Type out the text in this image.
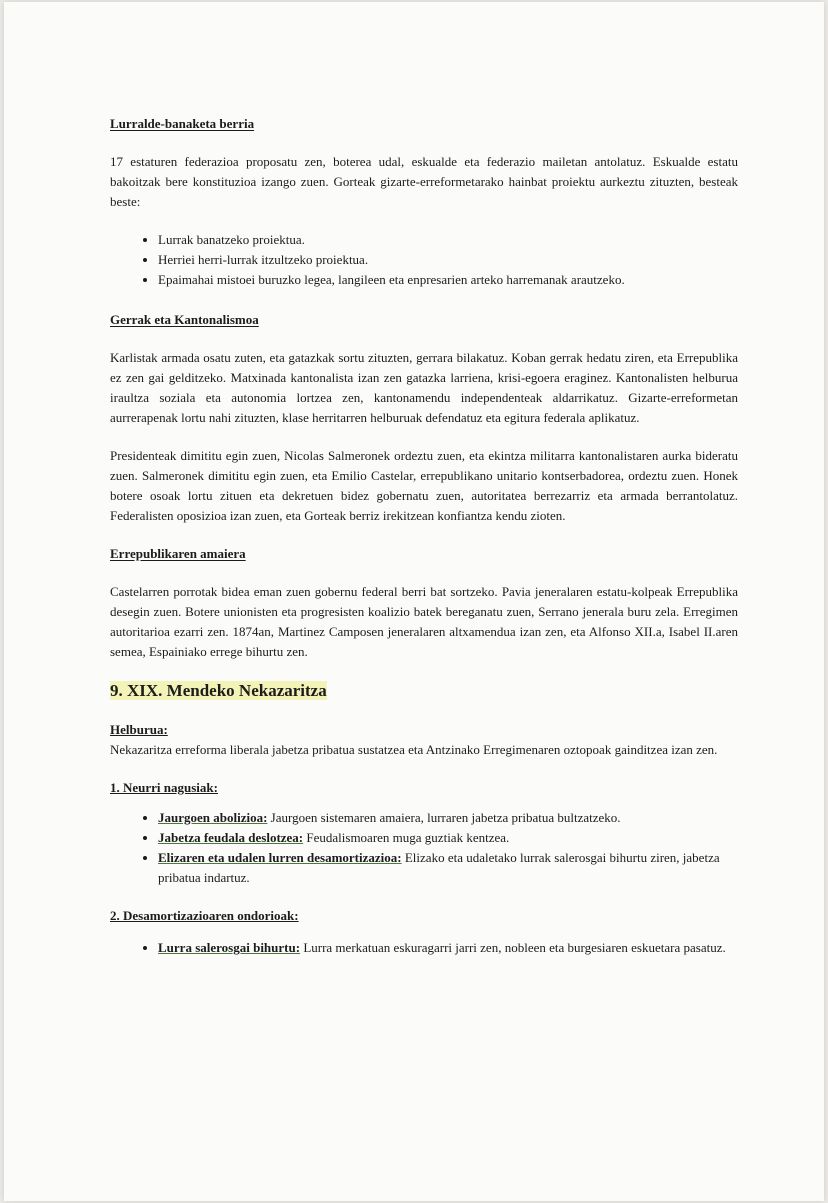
Lurralde-banaketa berria

17 estaturen federazioa proposatu zen, boterea udal, eskualde eta federazio mailetan antolatuz. Eskualde estatu bakoitzak bere konstituzioa izango zuen. Gorteak gizarte-erreformetarako hainbat proiektu aurkeztu zituzten, besteak beste:

• Lurrak banatzeko proiektua.
• Herriei herri-lurrak itzultzeko proiektua.
• Epaimahai mistoei buruzko legea, langileen eta enpresarien arteko harremanak arautzeko.
Gerrak eta Kantonalismoa

Karlistak armada osatu zuten, eta gatazkak sortu zituzten, gerrara bilakatuz. Koban gerrak hedatu ziren, eta Errepublika ez zen gai gelditzeko. Matxinada kantonalista izan zen gatazka larriena, krisi-egoera eraginez. Kantonalisten helburua iraultza soziala eta autonomia lortzea zen, kantonamendu independenteak aldarrikatuz. Gizarte-erreformetan aurrerapenak lortu nahi zituzten, klase herritarren helburuak defendatuz eta egitura federala aplikatuz.

Presidenteak dimititu egin zuen, Nicolas Salmeronek ordeztu zuen, eta ekintza militarra kantonalistaren aurka bideratu zuen. Salmeronek dimititu egin zuen, eta Emilio Castelar, errepublikano unitario kontserbadorea, ordeztu zuen. Honek botere osoak lortu zituen eta dekretuen bidez gobernatu zuen, autoritatea berrezarriz eta armada berrantolatuz. Federalisten oposizioa izan zuen, eta Gorteak berriz irekitzean konfiantza kendu zioten.

Errepublikaren amaiera

Castelarren porrotak bidea eman zuen gobernu federal berri bat sortzeko. Pavia jeneralaren estatu-kolpeak Errepublika desegin zuen. Botere unionisten eta progresisten koalizio batek bereganatu zuen, Serrano jenerala buru zela. Erregimen autoritarioa ezarri zen. 1874an, Martinez Camposen jeneralaren altxamendua izan zen, eta Alfonso XII.a, Isabel II.aren semea, Espainiako errege bihurtu zen.

9. XIX. Mendeko Nekazaritza
Helburua:

Nekazaritza erreforma liberala jabetza pribatua sustatzea eta Antzinako Erregimenaren oztopoak gainditzea izan zen.

1. Neurri nagusiak:
• Jaurgoen abolizioa: Jaurgoen sistemaren amaiera, lurraren jabetza pribatua bultzatzeko.
• Jabetza feudala deslotzea: Feudalismoaren muga guztiak kentzea.
• Elizaren eta udalen lurren desamortizazioa: Elizako eta udaletako lurrak salerosgai bihurtu ziren, jabetza pribatua indartuz.
2. Desamortizazioaren ondorioak:
• Lurra salerosgai bihurtu: Lurra merkatuan eskuragarri jarri zen, nobleen eta burgesiaren eskuetara pasatuz.
